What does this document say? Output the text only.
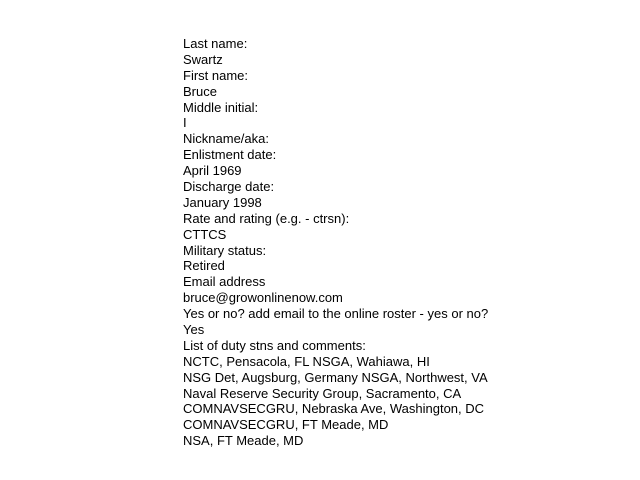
Last name:
Swartz
First name:
Bruce
Middle initial:
I
Nickname/aka:
Enlistment date:
April 1969
Discharge date:
January 1998
Rate and rating (e.g. - ctrsn):
CTTCS
Military status:
Retired
Email address
bruce@growonlinenow.com
Yes or no? add email to the online roster - yes or no?
Yes
List of duty stns and comments:
NCTC, Pensacola, FL NSGA, Wahiawa, HI
NSG Det, Augsburg, Germany NSGA, Northwest, VA
Naval Reserve Security Group, Sacramento, CA
COMNAVSECGRU, Nebraska Ave, Washington, DC
COMNAVSECGRU, FT Meade, MD
NSA, FT Meade, MD
